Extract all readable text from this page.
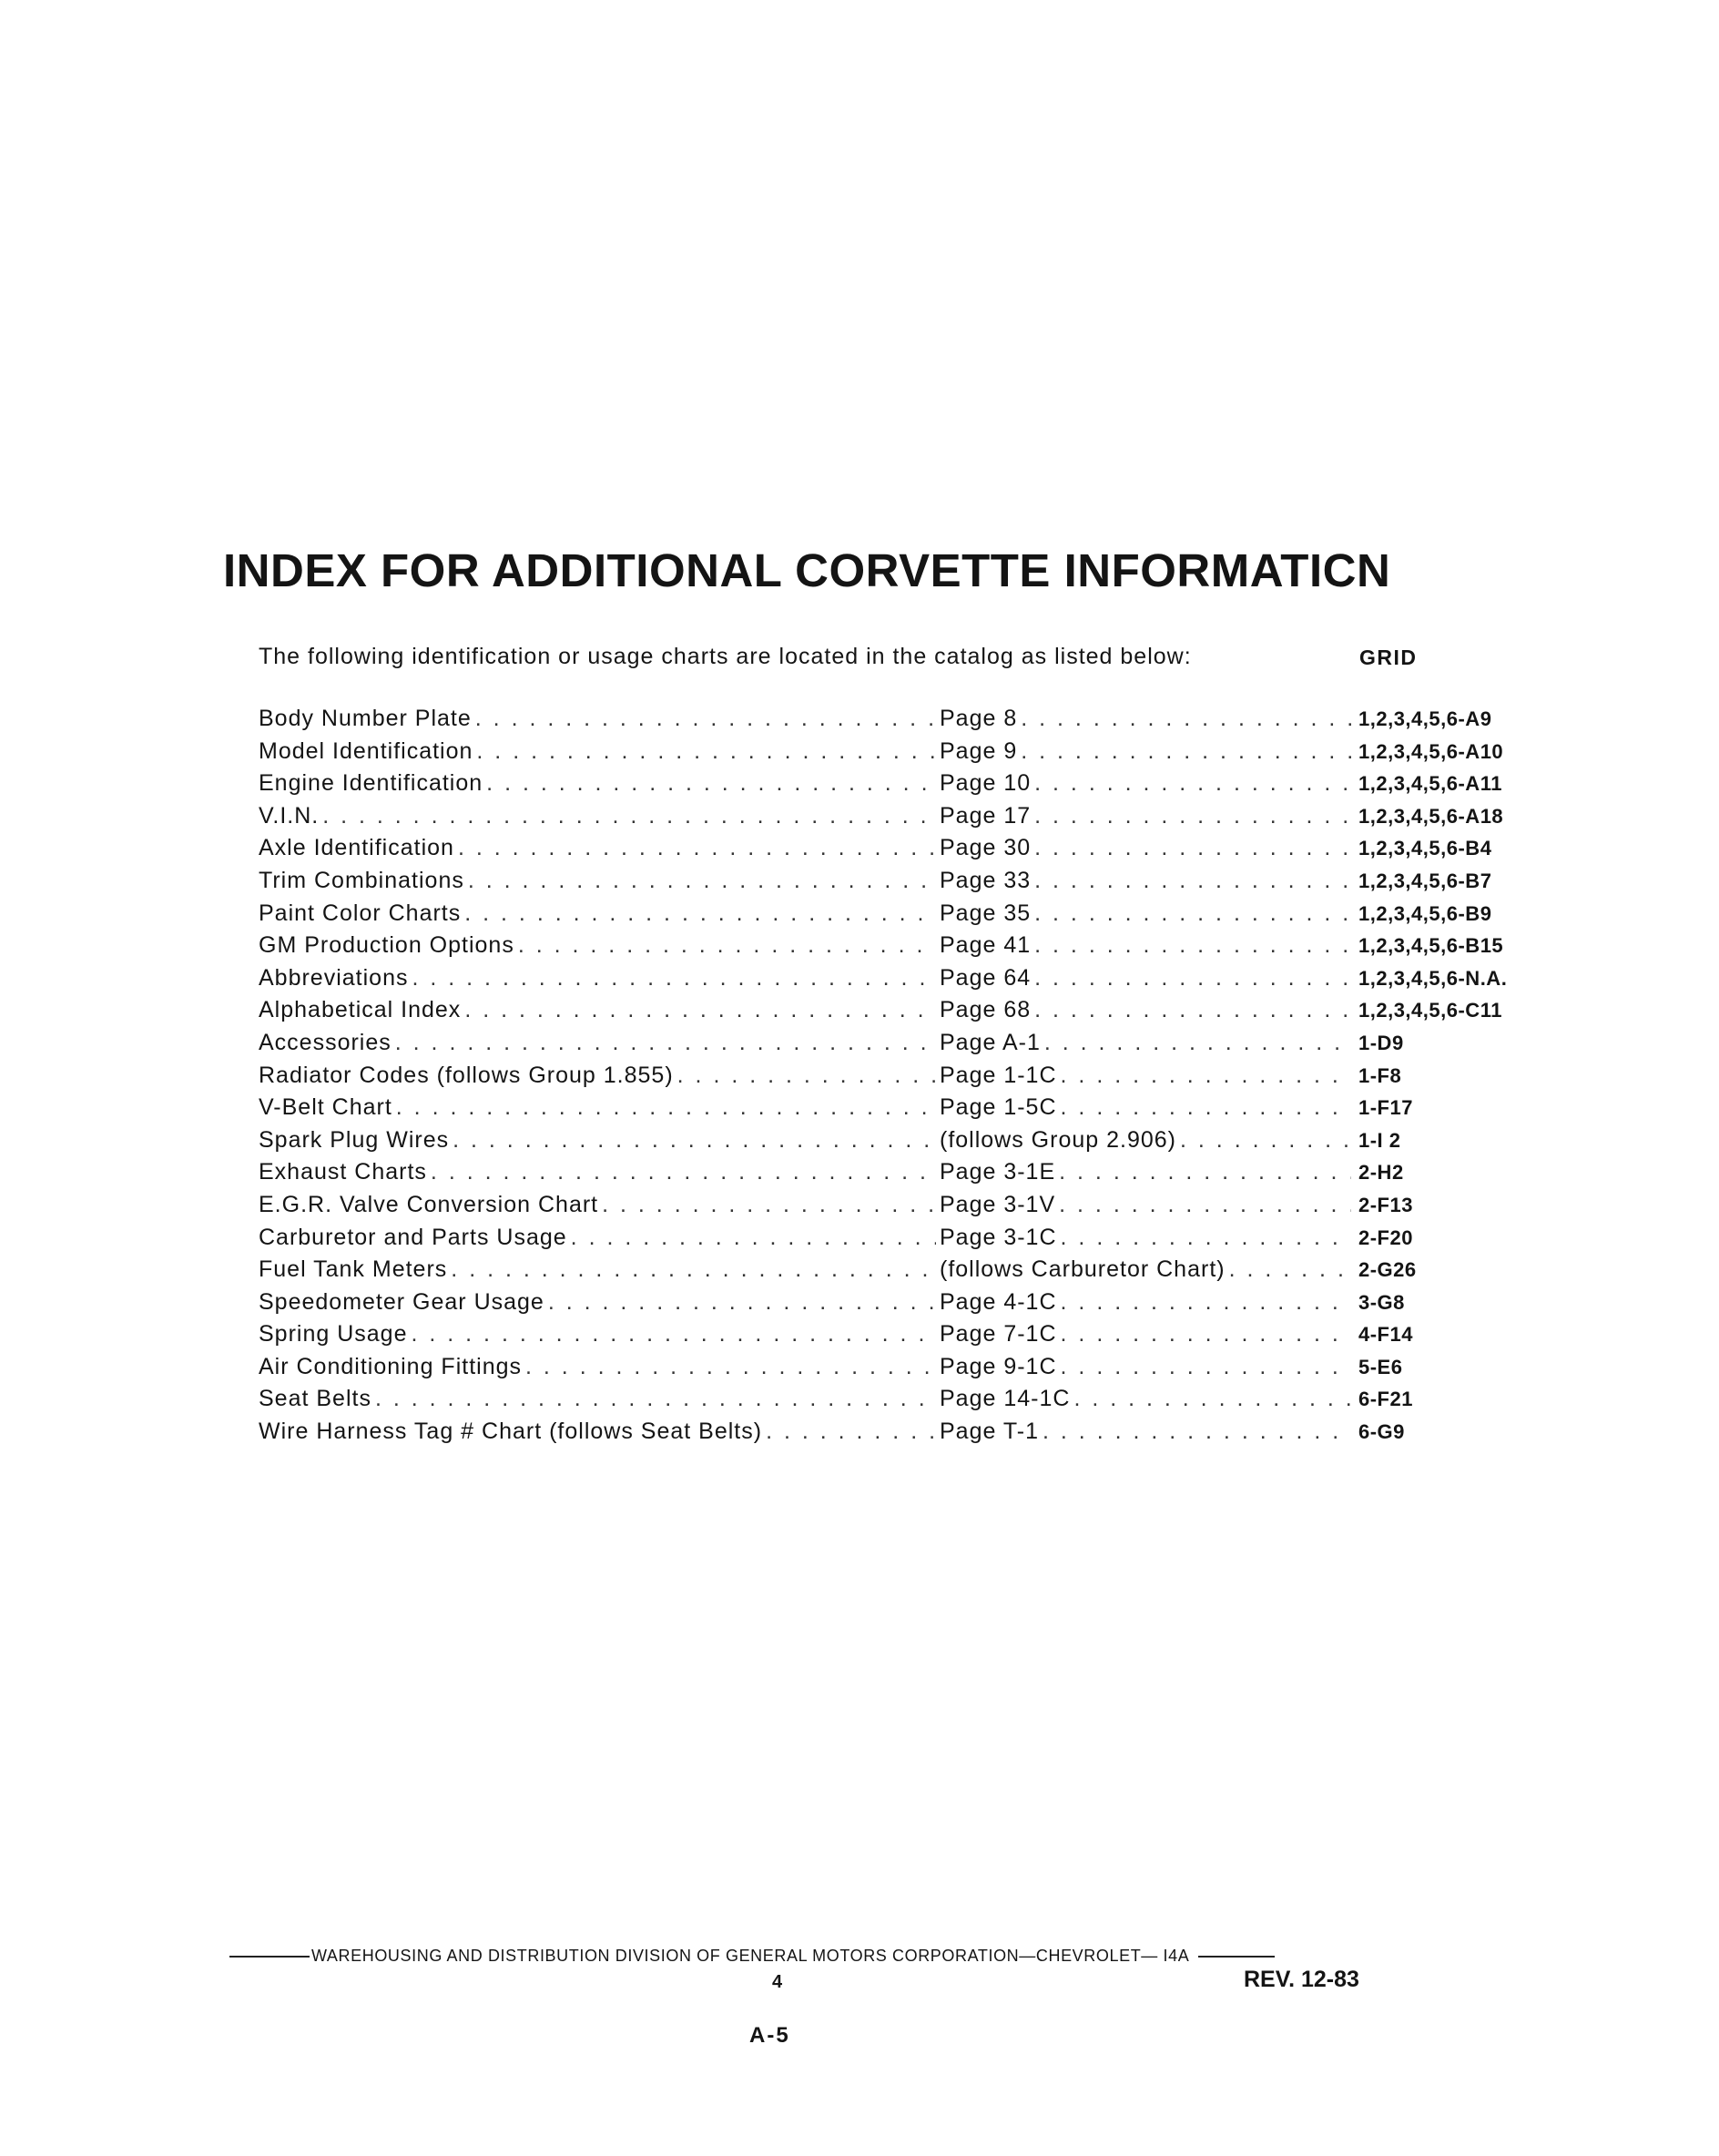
INDEX FOR ADDITIONAL CORVETTE INFORMATICN
The following identification or usage charts are located in the catalog as listed below:	GRID
Body Number Plate . . .	Page 8 . . .	1,2,3,4,5,6-A9
Model Identification . . .	Page 9 . . .	1,2,3,4,5,6-A10
Engine Identification . . .	Page 10 . . .	1,2,3,4,5,6-A11
V.I.N. . . .	Page 17 . . .	1,2,3,4,5,6-A18
Axle Identification . . .	Page 30 . . .	1,2,3,4,5,6-B4
Trim Combinations . . .	Page 33 . . .	1,2,3,4,5,6-B7
Paint Color Charts . . .	Page 35 . . .	1,2,3,4,5,6-B9
GM Production Options . . .	Page 41 . . .	1,2,3,4,5,6-B15
Abbreviations . . .	Page 64 . . .	1,2,3,4,5,6-N.A.
Alphabetical Index . . .	Page 68 . . .	1,2,3,4,5,6-C11
Accessories . . .	Page A-1 . . .	1-D9
Radiator Codes (follows Group 1.855) . . .	Page 1-1C . . .	1-F8
V-Belt Chart . . .	Page 1-5C . . .	1-F17
Spark Plug Wires . . .	(follows Group 2.906) . . .	1-I 2
Exhaust Charts . . .	Page 3-1E . . .	2-H2
E.G.R. Valve Conversion Chart . . .	Page 3-1V . . .	2-F13
Carburetor and Parts Usage . . .	Page 3-1C . . .	2-F20
Fuel Tank Meters . . .	(follows Carburetor Chart) . . .	2-G26
Speedometer Gear Usage . . .	Page 4-1C . . .	3-G8
Spring Usage . . .	Page 7-1C . . .	4-F14
Air Conditioning Fittings . . .	Page 9-1C . . .	5-E6
Seat Belts . . .	Page 14-1C . . .	6-F21
Wire Harness Tag # Chart (follows Seat Belts) . . .	Page T-1 . . .	6-G9
WAREHOUSING AND DISTRIBUTION DIVISION OF GENERAL MOTORS CORPORATION—CHEVROLET— I4A
4	REV. 12-83
A-5
